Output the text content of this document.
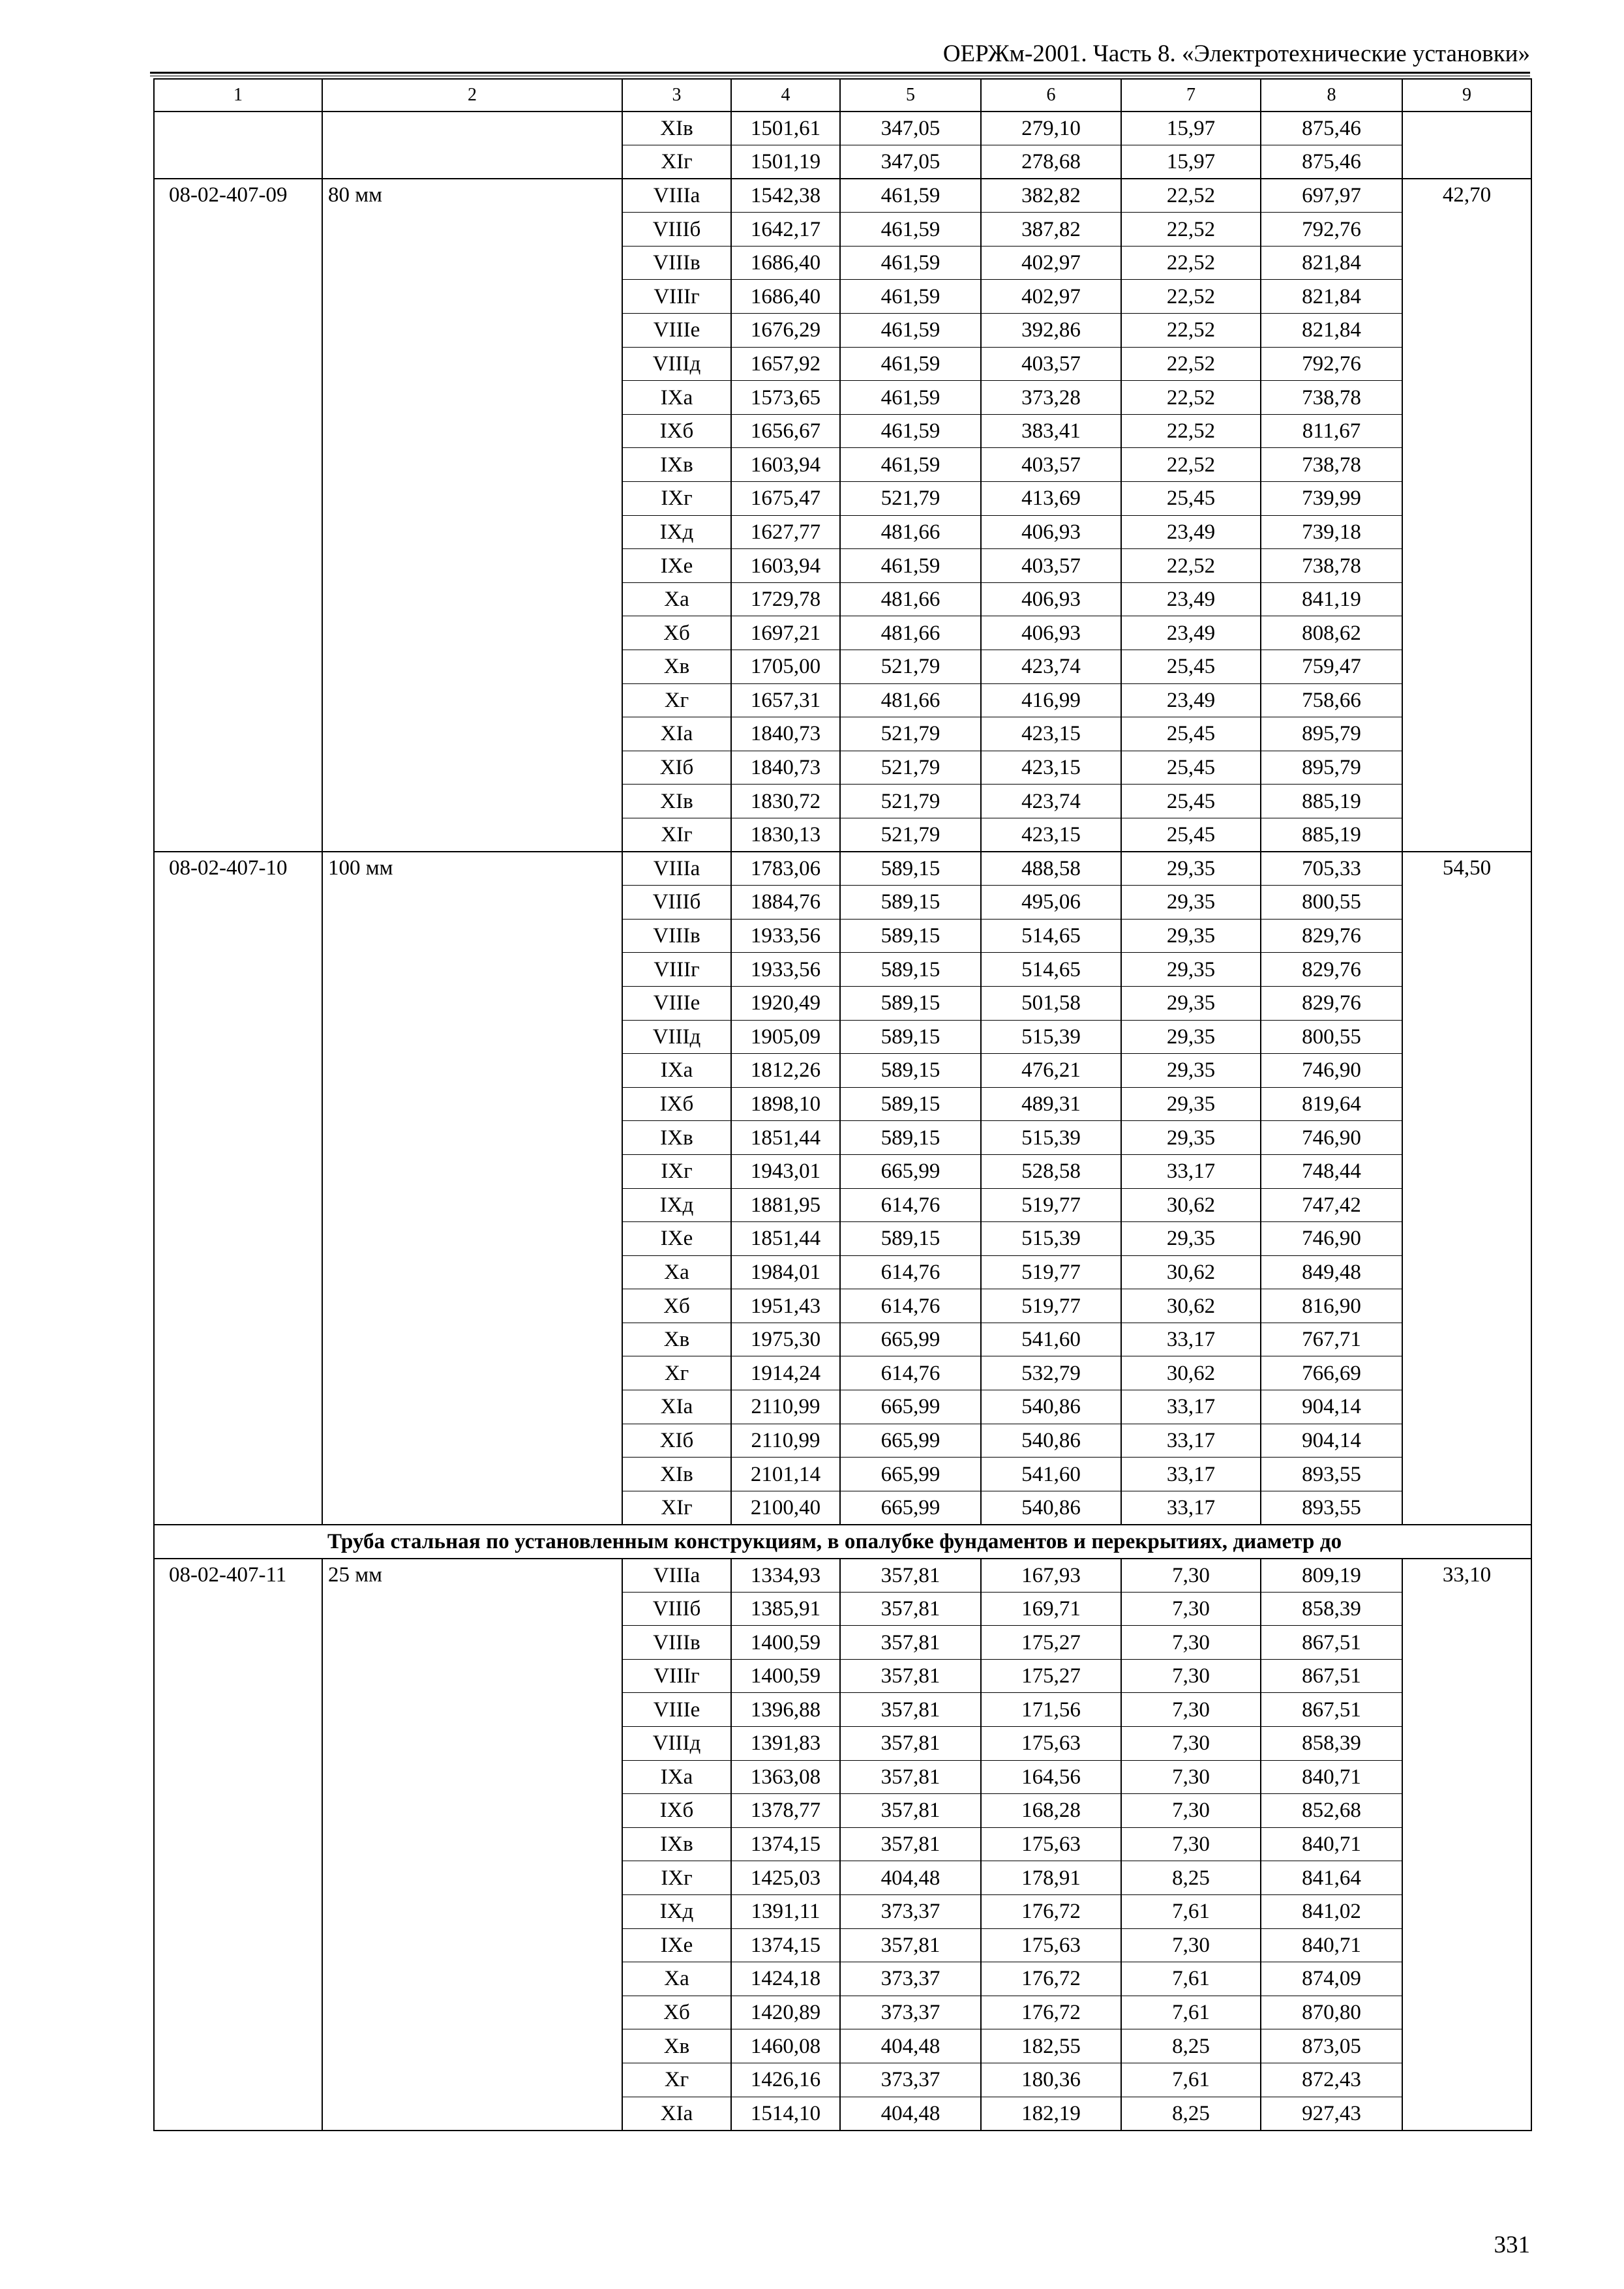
ОЕРЖм-2001. Часть 8. «Электротехнические установки»
1	2	3	4	5	6	7	8	9
		XIв	1501,61	347,05	279,10	15,97	875,46	
		XIг	1501,19	347,05	278,68	15,97	875,46	
08-02-407-09	80 мм	VIIIа	1542,38	461,59	382,82	22,52	697,97	42,70
		VIIIб	1642,17	461,59	387,82	22,52	792,76	
		VIIIв	1686,40	461,59	402,97	22,52	821,84	
		VIIIг	1686,40	461,59	402,97	22,52	821,84	
		VIIIе	1676,29	461,59	392,86	22,52	821,84	
		VIIIд	1657,92	461,59	403,57	22,52	792,76	
		IXа	1573,65	461,59	373,28	22,52	738,78	
		IXб	1656,67	461,59	383,41	22,52	811,67	
		IXв	1603,94	461,59	403,57	22,52	738,78	
		IXг	1675,47	521,79	413,69	25,45	739,99	
		IXд	1627,77	481,66	406,93	23,49	739,18	
		IXе	1603,94	461,59	403,57	22,52	738,78	
		Xа	1729,78	481,66	406,93	23,49	841,19	
		Xб	1697,21	481,66	406,93	23,49	808,62	
		Xв	1705,00	521,79	423,74	25,45	759,47	
		Xг	1657,31	481,66	416,99	23,49	758,66	
		XIа	1840,73	521,79	423,15	25,45	895,79	
		XIб	1840,73	521,79	423,15	25,45	895,79	
		XIв	1830,72	521,79	423,74	25,45	885,19	
		XIг	1830,13	521,79	423,15	25,45	885,19	
08-02-407-10	100 мм	VIIIа	1783,06	589,15	488,58	29,35	705,33	54,50
		VIIIб	1884,76	589,15	495,06	29,35	800,55	
		VIIIв	1933,56	589,15	514,65	29,35	829,76	
		VIIIг	1933,56	589,15	514,65	29,35	829,76	
		VIIIе	1920,49	589,15	501,58	29,35	829,76	
		VIIIд	1905,09	589,15	515,39	29,35	800,55	
		IXа	1812,26	589,15	476,21	29,35	746,90	
		IXб	1898,10	589,15	489,31	29,35	819,64	
		IXв	1851,44	589,15	515,39	29,35	746,90	
		IXг	1943,01	665,99	528,58	33,17	748,44	
		IXд	1881,95	614,76	519,77	30,62	747,42	
		IXе	1851,44	589,15	515,39	29,35	746,90	
		Xа	1984,01	614,76	519,77	30,62	849,48	
		Xб	1951,43	614,76	519,77	30,62	816,90	
		Xв	1975,30	665,99	541,60	33,17	767,71	
		Xг	1914,24	614,76	532,79	30,62	766,69	
		XIа	2110,99	665,99	540,86	33,17	904,14	
		XIб	2110,99	665,99	540,86	33,17	904,14	
		XIв	2101,14	665,99	541,60	33,17	893,55	
		XIг	2100,40	665,99	540,86	33,17	893,55	
Труба стальная по установленным конструкциям, в опалубке фундаментов и перекрытиях, диаметр до								
08-02-407-11	25 мм	VIIIа	1334,93	357,81	167,93	7,30	809,19	33,10
		VIIIб	1385,91	357,81	169,71	7,30	858,39	
		VIIIв	1400,59	357,81	175,27	7,30	867,51	
		VIIIг	1400,59	357,81	175,27	7,30	867,51	
		VIIIе	1396,88	357,81	171,56	7,30	867,51	
		VIIIд	1391,83	357,81	175,63	7,30	858,39	
		IXа	1363,08	357,81	164,56	7,30	840,71	
		IXб	1378,77	357,81	168,28	7,30	852,68	
		IXв	1374,15	357,81	175,63	7,30	840,71	
		IXг	1425,03	404,48	178,91	8,25	841,64	
		IXд	1391,11	373,37	176,72	7,61	841,02	
		IXе	1374,15	357,81	175,63	7,30	840,71	
		Xа	1424,18	373,37	176,72	7,61	874,09	
		Xб	1420,89	373,37	176,72	7,61	870,80	
		Xв	1460,08	404,48	182,55	8,25	873,05	
		Xг	1426,16	373,37	180,36	7,61	872,43	
		XIа	1514,10	404,48	182,19	8,25	927,43	
331
